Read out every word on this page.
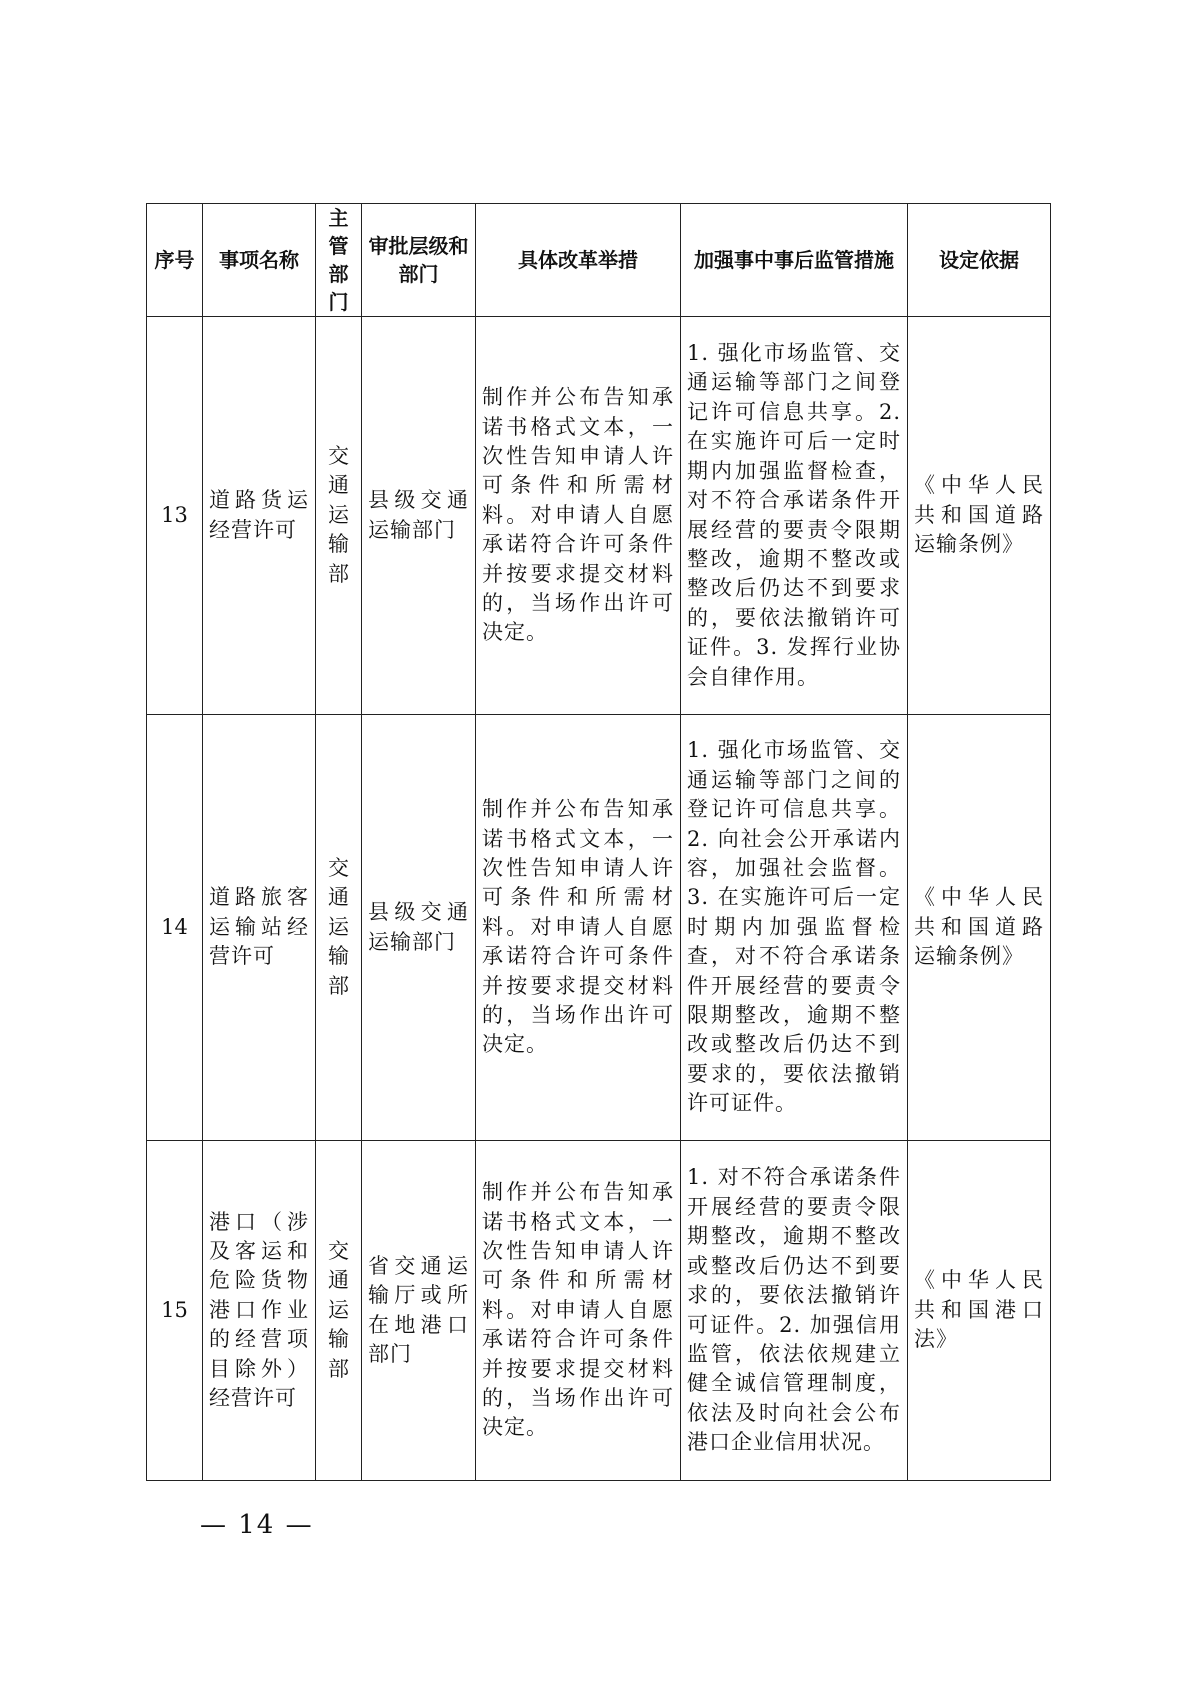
序号	事项名称	主
管
部
门	审批层级和部门	具体改革举措	加强事中事后监管措施	设定依据
13	道路货运经营许可	交
通
运
输
部	县级交通运输部门	制作并公布告知承诺书格式文本，一次性告知申请人许可条件和所需材料。对申请人自愿承诺符合许可条件并按要求提交材料的，当场作出许可决定。	1. 强化市场监管、交通运输等部门之间登记许可信息共享。2. 在实施许可后一定时期内加强监督检查，对不符合承诺条件开展经营的要责令限期整改，逾期不整改或整改后仍达不到要求的，要依法撤销许可证件。3. 发挥行业协会自律作用。	《中华人民共和国道路运输条例》
14	道路旅客运输站经营许可	交
通
运
输
部	县级交通运输部门	制作并公布告知承诺书格式文本，一次性告知申请人许可条件和所需材料。对申请人自愿承诺符合许可条件并按要求提交材料的，当场作出许可决定。	1. 强化市场监管、交通运输等部门之间的登记许可信息共享。2. 向社会公开承诺内容，加强社会监督。3. 在实施许可后一定时期内加强监督检查，对不符合承诺条件开展经营的要责令限期整改，逾期不整改或整改后仍达不到要求的，要依法撤销许可证件。	《中华人民共和国道路运输条例》
15	港口（涉及客运和危险货物港口作业的经营项目除外）经营许可	交
通
运
输
部	省交通运输厅或所在地港口部门	制作并公布告知承诺书格式文本，一次性告知申请人许可条件和所需材料。对申请人自愿承诺符合许可条件并按要求提交材料的，当场作出许可决定。	1. 对不符合承诺条件开展经营的要责令限期整改，逾期不整改或整改后仍达不到要求的，要依法撤销许可证件。2. 加强信用监管，依法依规建立健全诚信管理制度，依法及时向社会公布港口企业信用状况。	《中华人民共和国港口法》
— 14 —
